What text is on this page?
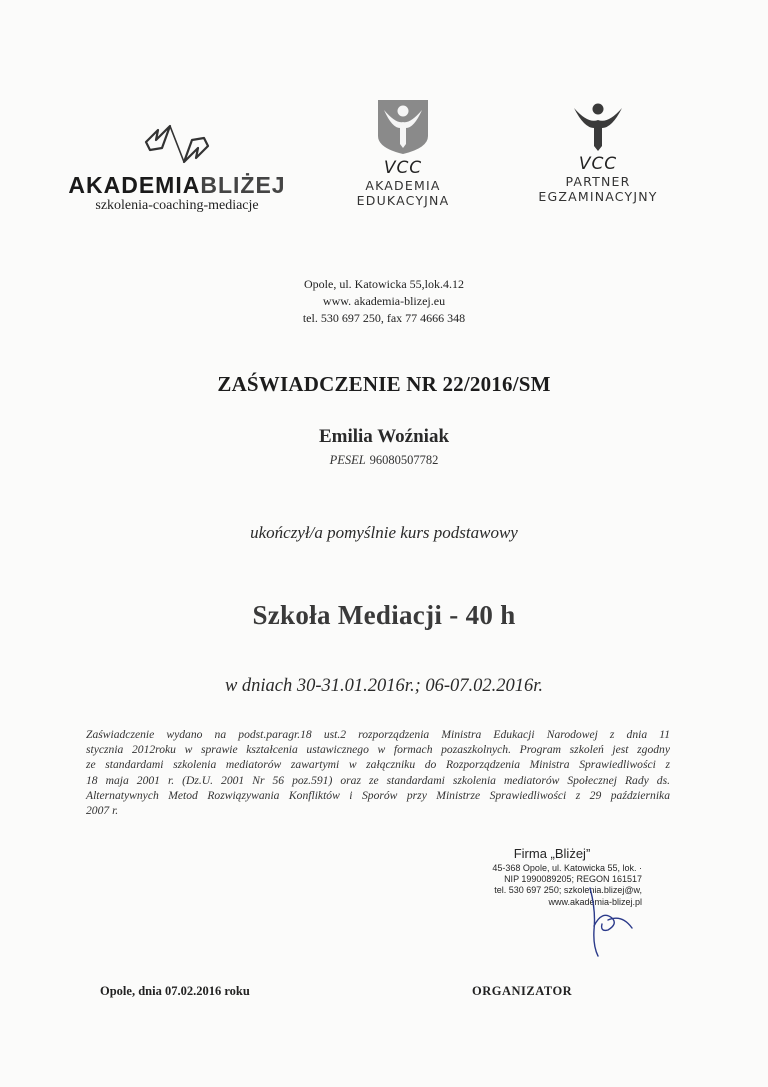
AKADEMIABLIŻEJ
szkolenia-coaching-mediacje
VCC
AKADEMIA
EDUKACYJNA
VCC
PARTNER
EGZAMINACYJNY
Opole, ul. Katowicka 55,lok.4.12
www. akademia-blizej.eu
tel. 530 697 250, fax 77 4666 348
ZAŚWIADCZENIE NR 22/2016/SM
Emilia Woźniak
PESEL 96080507782
ukończył/a pomyślnie kurs podstawowy
Szkoła Mediacji - 40 h
w dniach 30-31.01.2016r.; 06-07.02.2016r.
Zaświadczenie wydano na podst.paragr.18 ust.2 rozporządzenia Ministra Edukacji Narodowej z dnia 11
stycznia 2012roku w sprawie kształcenia ustawicznego w formach pozaszkolnych. Program szkoleń jest zgodny
ze standardami szkolenia mediatorów zawartymi w załączniku do Rozporządzenia Ministra Sprawiedliwości z
18 maja 2001 r. (Dz.U. 2001 Nr 56 poz.591) oraz ze standardami szkolenia mediatorów Społecznej Rady ds.
Alternatywnych Metod Rozwiązywania Konfliktów i Sporów przy Ministrze Sprawiedliwości z 29 października
2007 r.
Firma „Bliżej”
45-368 Opole, ul. Katowicka 55, lok. ·
NIP 1990089205; REGON 161517
tel. 530 697 250; szkolenia.blizej@w,
www.akademia-blizej.pl
Opole, dnia 07.02.2016 roku	ORGANIZATOR
